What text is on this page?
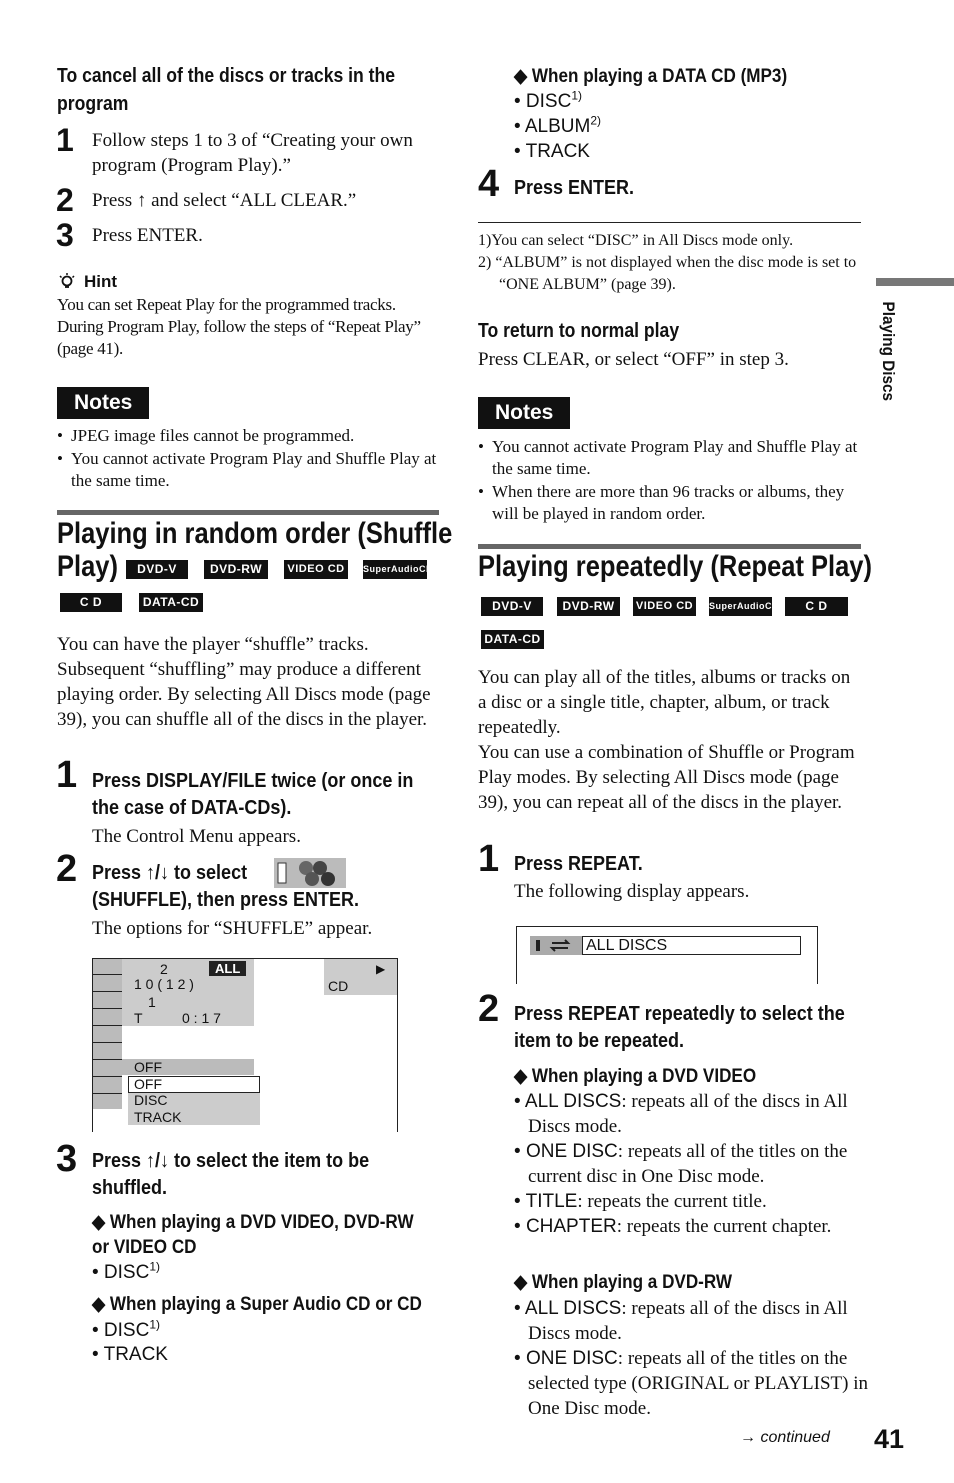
To cancel all of the discs or tracks in the
program
1 Follow steps 1 to 3 of “Creating your own program (Program Play).”
2 Press ↑ and select “ALL CLEAR.”
3 Press ENTER.
Hint
You can set Repeat Play for the programmed tracks. During Program Play, follow the steps of “Repeat Play” (page 41).
Notes
• JPEG image files cannot be programmed.
• You cannot activate Program Play and Shuffle Play at the same time.
Playing in random order (Shuffle
Play)	DVD-V	DVD-RW	VIDEO CD	SuperAudioCD
C D	DATA-CD
You can have the player “shuffle” tracks. Subsequent “shuffling” may produce a different playing order. By selecting All Discs mode (page 39), you can shuffle all of the discs in the player.
1 Press DISPLAY/FILE twice (or once in the case of DATA-CDs).
The Control Menu appears.
2 Press ↑/↓ to select
(SHUFFLE), then press ENTER.
The options for “SHUFFLE” appear.
2	ALL
1 0 ( 1 2 )
1
T	0 : 1 7
▶
CD
OFF
OFF
DISC
TRACK
3 Press ↑/↓ to select the item to be shuffled.
◆ When playing a DVD VIDEO, DVD-RW
or VIDEO CD
• DISC$^{1)}$
◆ When playing a Super Audio CD or CD
• DISC$^{1)}$
• TRACK
◆ When playing a DATA CD (MP3)
• DISC$^{1)}$
• ALBUM$^{2)}$
• TRACK
4 Press ENTER.
1)You can select “DISC” in All Discs mode only.
2) “ALBUM” is not displayed when the disc mode is set to “ONE ALBUM” (page 39).
To return to normal play
Press CLEAR, or select “OFF” in step 3.
Notes
• You cannot activate Program Play and Shuffle Play at the same time.
• When there are more than 96 tracks or albums, they will be played in random order.
Playing repeatedly (Repeat Play)
DVD-V	DVD-RW	VIDEO CD	SuperAudioCD	C D
DATA-CD
You can play all of the titles, albums or tracks on a disc or a single title, chapter, album, or track repeatedly.
You can use a combination of Shuffle or Program Play modes. By selecting All Discs mode (page 39), you can repeat all of the discs in the player.
1 Press REPEAT.
The following display appears.
ALL DISCS
2 Press REPEAT repeatedly to select the item to be repeated.
◆ When playing a DVD VIDEO
• ALL DISCS: repeats all of the discs in All Discs mode.
• ONE DISC: repeats all of the titles on the current disc in One Disc mode.
• TITLE: repeats the current title.
• CHAPTER: repeats the current chapter.
◆ When playing a DVD-RW
• ALL DISCS: repeats all of the discs in All Discs mode.
• ONE DISC: repeats all of the titles on the selected type (ORIGINAL or PLAYLIST) in One Disc mode.
→ continued 41
Playing Discs
